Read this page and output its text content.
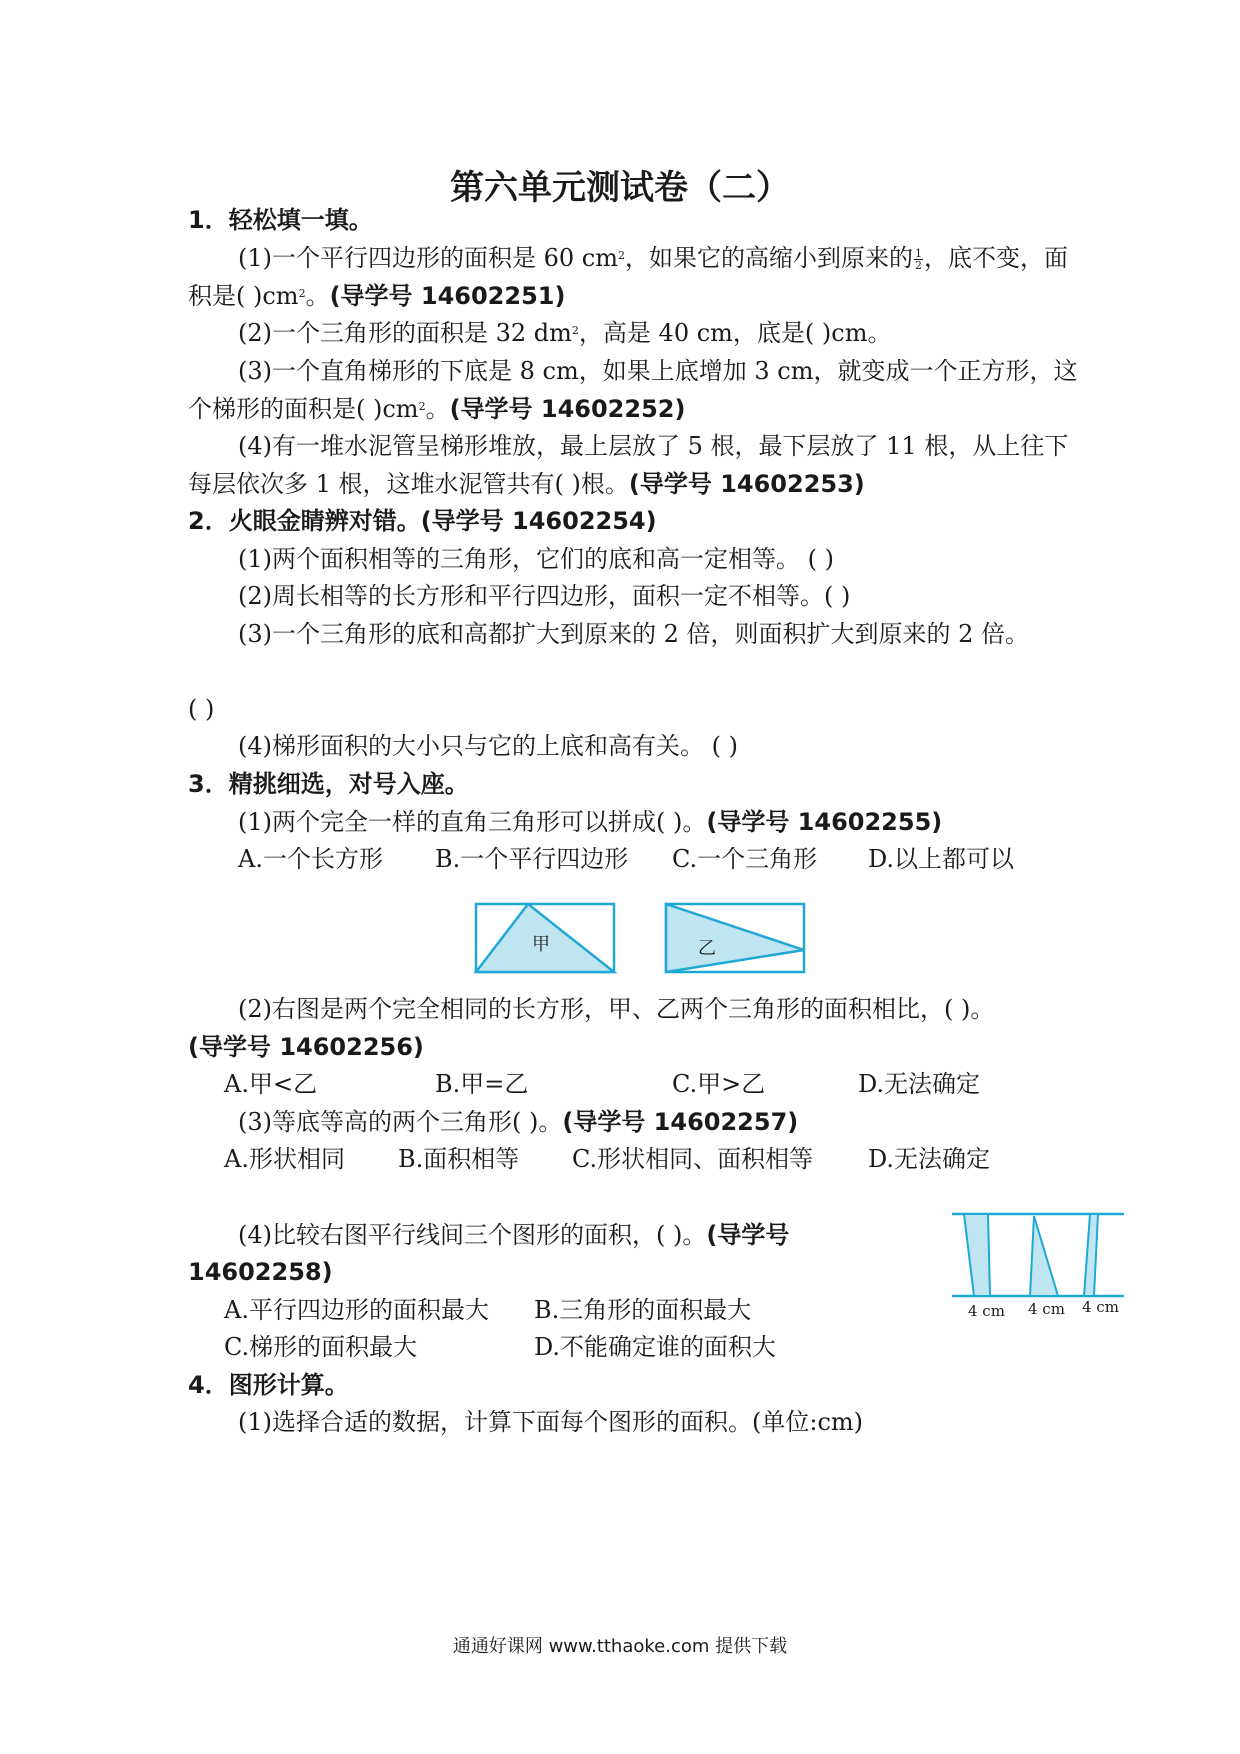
第六单元测试卷（二）
1．轻松填一填。
(1)一个平行四边形的面积是 60 $cm^2$，如果它的高缩小到原来的 $\frac{1}{2}$ ，底不变，面
积是( )$cm^2$。(导学号 14602251)
(2)一个三角形的面积是 32 $dm^2$，高是 40 cm，底是( )cm。
(3)一个直角梯形的下底是 8 cm，如果上底增加 3 cm，就变成一个正方形，这
个梯形的面积是( )$cm^2$。(导学号 14602252)
(4)有一堆水泥管呈梯形堆放，最上层放了 5 根，最下层放了 11 根，从上往下
每层依次多 1 根，这堆水泥管共有( )根。(导学号 14602253)
2．火眼金睛辨对错。(导学号 14602254)
(1)两个面积相等的三角形，它们的底和高一定相等。 ( )
(2)周长相等的长方形和平行四边形，面积一定不相等。( )
(3)一个三角形的底和高都扩大到原来的 2 倍，则面积扩大到原来的 2 倍。
( )
(4)梯形面积的大小只与它的上底和高有关。 ( )
3．精挑细选，对号入座。
(1)两个完全一样的直角三角形可以拼成( )。(导学号 14602255)
A.一个长方形 B.一个平行四边形 C.一个三角形 D.以上都可以
甲	乙
(2)右图是两个完全相同的长方形，甲、乙两个三角形的面积相比，( )。
(导学号 14602256)
A.甲<乙	B.甲=乙	C.甲>乙	D.无法确定
(3)等底等高的两个三角形( )。(导学号 14602257)
A.形状相同 B.面积相等 C.形状相同、面积相等 D.无法确定
(4)比较右图平行线间三个图形的面积，( )。(导学号
14602258)
A.平行四边形的面积最大 B.三角形的面积最大
C.梯形的面积最大	D.不能确定谁的面积大
4 cm 4 cm 4 cm
4．图形计算。
(1)选择合适的数据，计算下面每个图形的面积。(单位:cm)
通通好课网 www.tthaoke.com 提供下载
